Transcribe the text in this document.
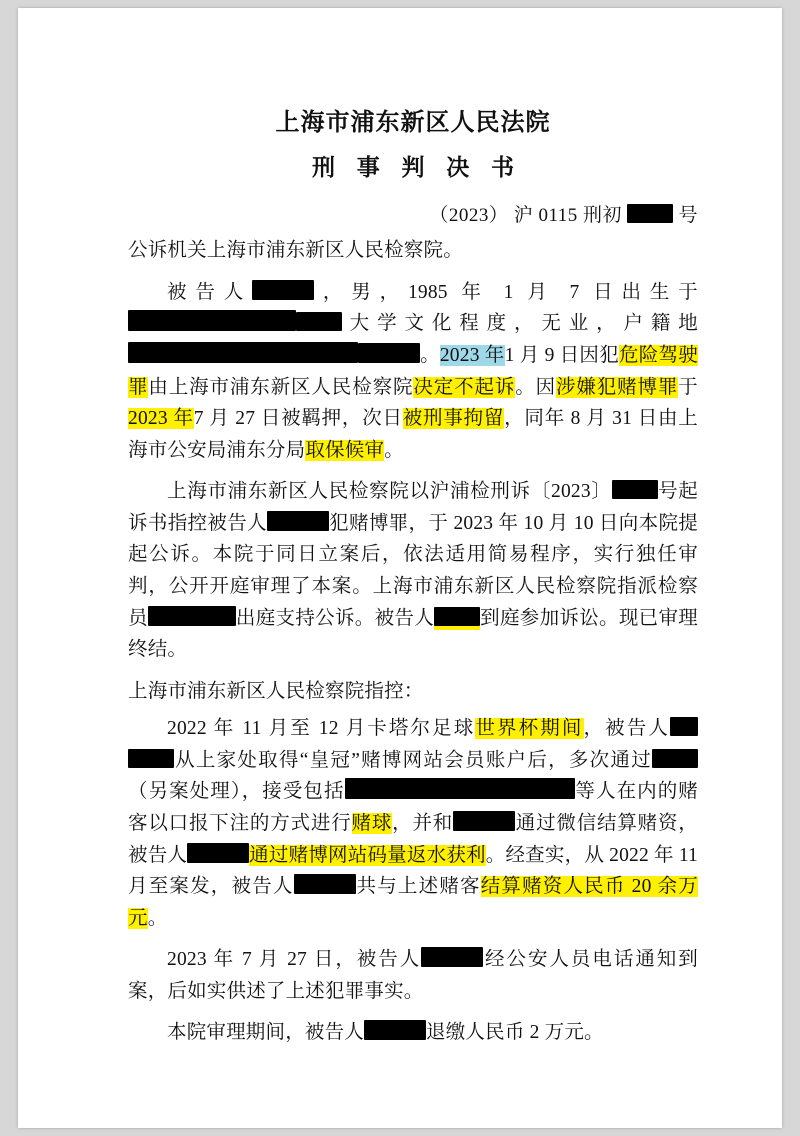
上海市浦东新区人民法院
刑 事 判 决 书
（2023） 沪 0115 刑初	号

公诉机关上海市浦东新区人民检察院。

被告人	，男，1985 年 1 月 7 日出生于大学文化程度，无业，户籍地。2023 年1 月 9 日因犯危险驾驶罪由上海市浦东新区人民检察院决定不起诉。因涉嫌犯赌博罪于2023 年7 月 27 日被羁押，次日被刑事拘留，同年 8 月 31 日由上海市公安局浦东分局取保候审。

上海市浦东新区人民检察院以沪浦检刑诉〔2023〕 号起诉书指控被告人	犯赌博罪，于 2023 年 10 月 10 日向本院提起公诉。本院于同日立案后，依法适用简易程序，实行独任审判，公开开庭审理了本案。上海市浦东新区人民检察院指派检察员	出庭支持公诉。被告人 到庭参加诉讼。现已审理终结。

上海市浦东新区人民检察院指控：

2022 年 11 月至 12 月卡塔尔足球世界杯期间，被告人从上家处取得“皇冠”赌博网站会员账户后，多次通过（另案处理），接受包括	等人在内的赌客以口报下注的方式进行赌球，并和	通过微信结算赌资，被告人	通过赌博网站码量返水获利。经查实，从 2022 年 11 月至案发，被告人	共与上述赌客结算赌资人民币 20 余万元。

2023 年 7 月 27 日，被告人	经公安人员电话通知到案，后如实供述了上述犯罪事实。

本院审理期间，被告人	退缴人民币 2 万元。
